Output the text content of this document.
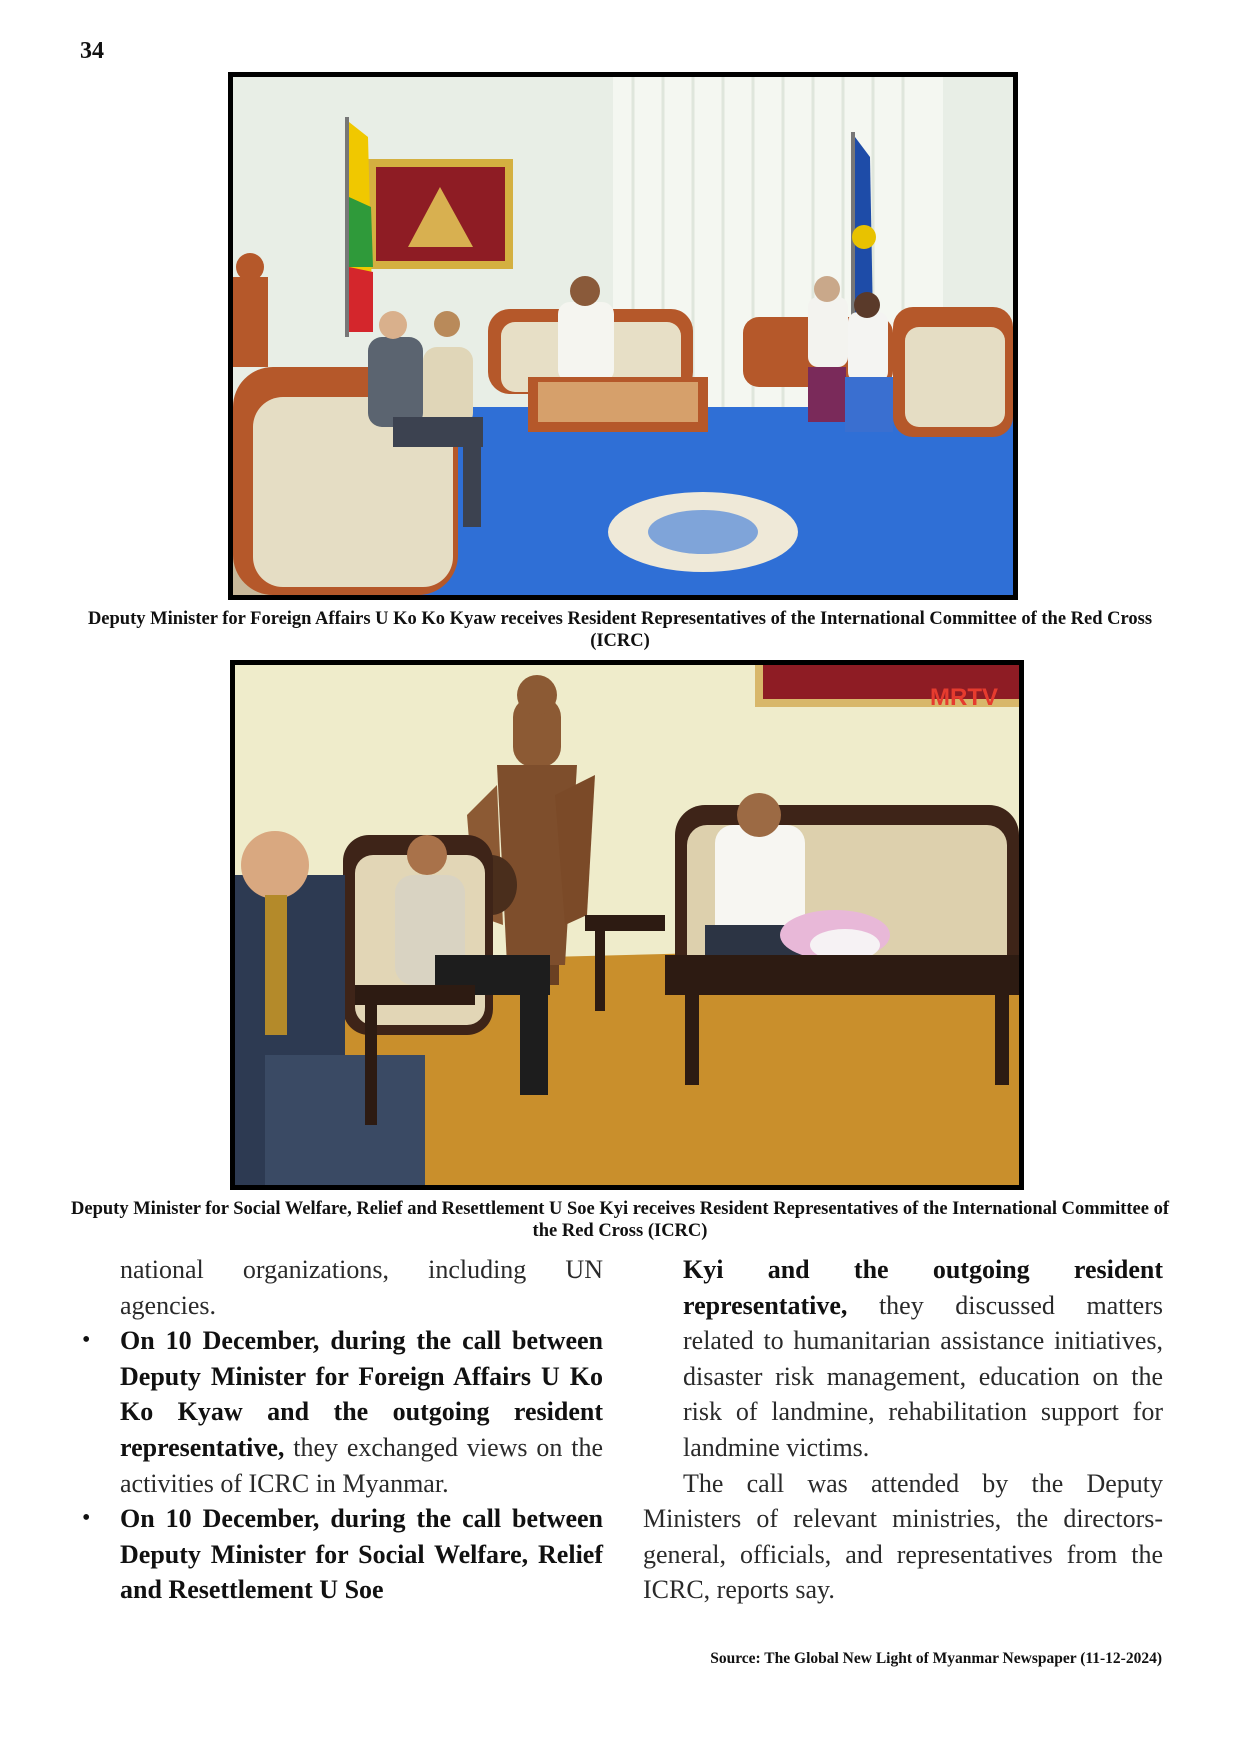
34
Deputy Minister for Foreign Affairs U Ko Ko Kyaw receives Resident Representatives of the International Committee of the Red Cross (ICRC)
MRTV
Deputy Minister for Social Welfare, Relief and Resettlement U Soe Kyi receives Resident Representatives of the International Committee of the Red Cross (ICRC)

national organizations, including UN agencies.

• On 10 December, during the call between Deputy Minister for Foreign Affairs U Ko Ko Kyaw and the outgoing resident representative, they exchanged views on the activities of ICRC in Myanmar.

• On 10 December, during the call between Deputy Minister for Social Welfare, Relief and Resettlement U Soe

Kyi and the outgoing resident representative, they discussed matters related to humanitarian assistance initiatives, disaster risk management, education on the risk of landmine, rehabilitation support for landmine victims.

The call was attended by the Deputy Ministers of relevant ministries, the directors-general, officials, and representatives from the ICRC, reports say.

Source: The Global New Light of Myanmar Newspaper (11-12-2024)
